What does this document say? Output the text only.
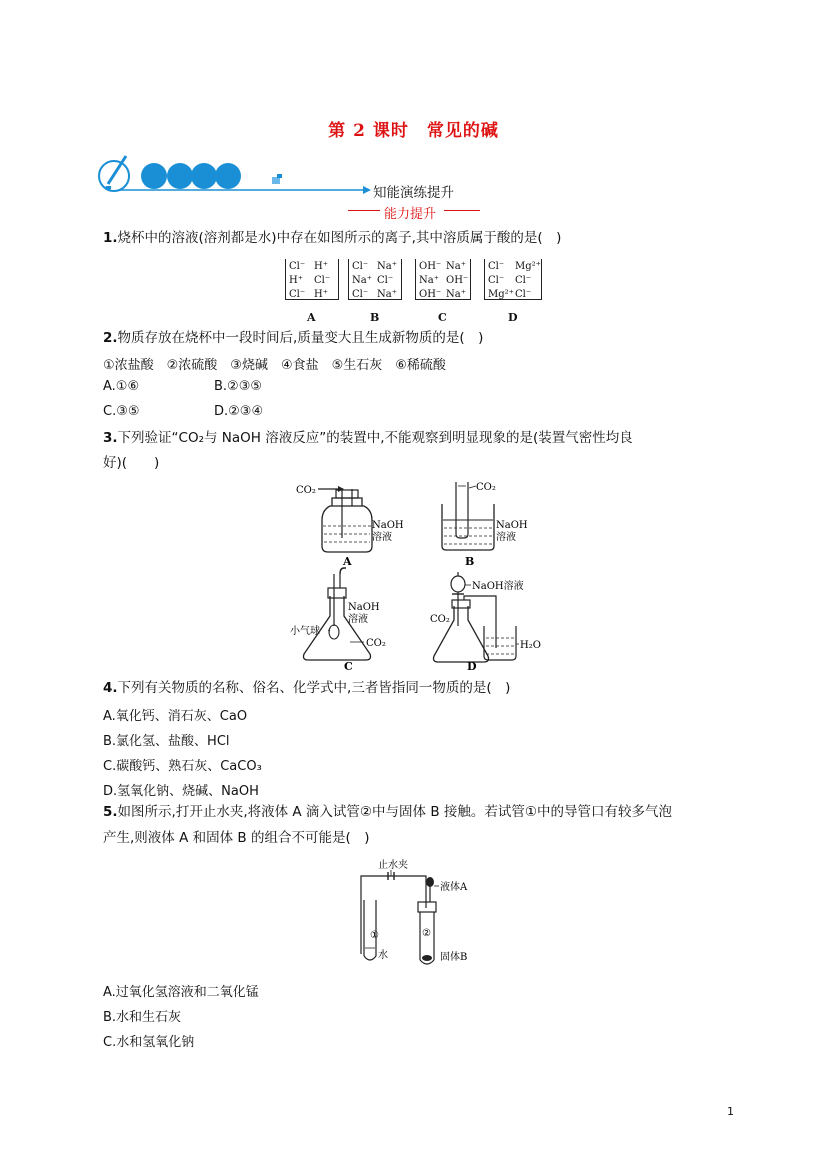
第 2 课时　常见的碱
知能演练提升
能力提升
1.烧杯中的溶液(溶剂都是水)中存在如图所示的离子,其中溶质属于酸的是(　)
Cl⁻ H⁺
H⁺ Cl⁻
Cl⁻ H⁺
A
Cl⁻ Na⁺
Na⁺ Cl⁻
Cl⁻ Na⁺
B
OH⁻ Na⁺
Na⁺ OH⁻
OH⁻ Na⁺
C
Cl⁻ Mg²⁺
Cl⁻ Cl⁻
Mg²⁺ Cl⁻
D
2.物质存放在烧杯中一段时间后,质量变大且生成新物质的是(　)
①浓盐酸　②浓硫酸　③烧碱　④食盐　⑤生石灰　⑥稀硫酸
A.①⑥	B.②③⑤
C.③⑤	D.②③④
3.下列验证“CO₂与 NaOH 溶液反应”的装置中,不能观察到明显现象的是(装置气密性均良
好)(　　)
CO₂
NaOH
溶液
A
CO₂
NaOH
溶液
B
NaOH
溶液
小气球
CO₂
C
NaOH溶液
CO₂
H₂O
D
4.下列有关物质的名称、俗名、化学式中,三者皆指同一物质的是(　)
A.氧化钙、消石灰、CaO
B.氯化氢、盐酸、HCl
C.碳酸钙、熟石灰、CaCO₃
D.氢氧化钠、烧碱、NaOH
5.如图所示,打开止水夹,将液体 A 滴入试管②中与固体 B 接触。若试管①中的导管口有较多气泡
产生,则液体 A 和固体 B 的组合不可能是(　)
止水夹
①
水
液体A
②
固体B
A.过氧化氢溶液和二氧化锰
B.水和生石灰
C.水和氢氧化钠
1
